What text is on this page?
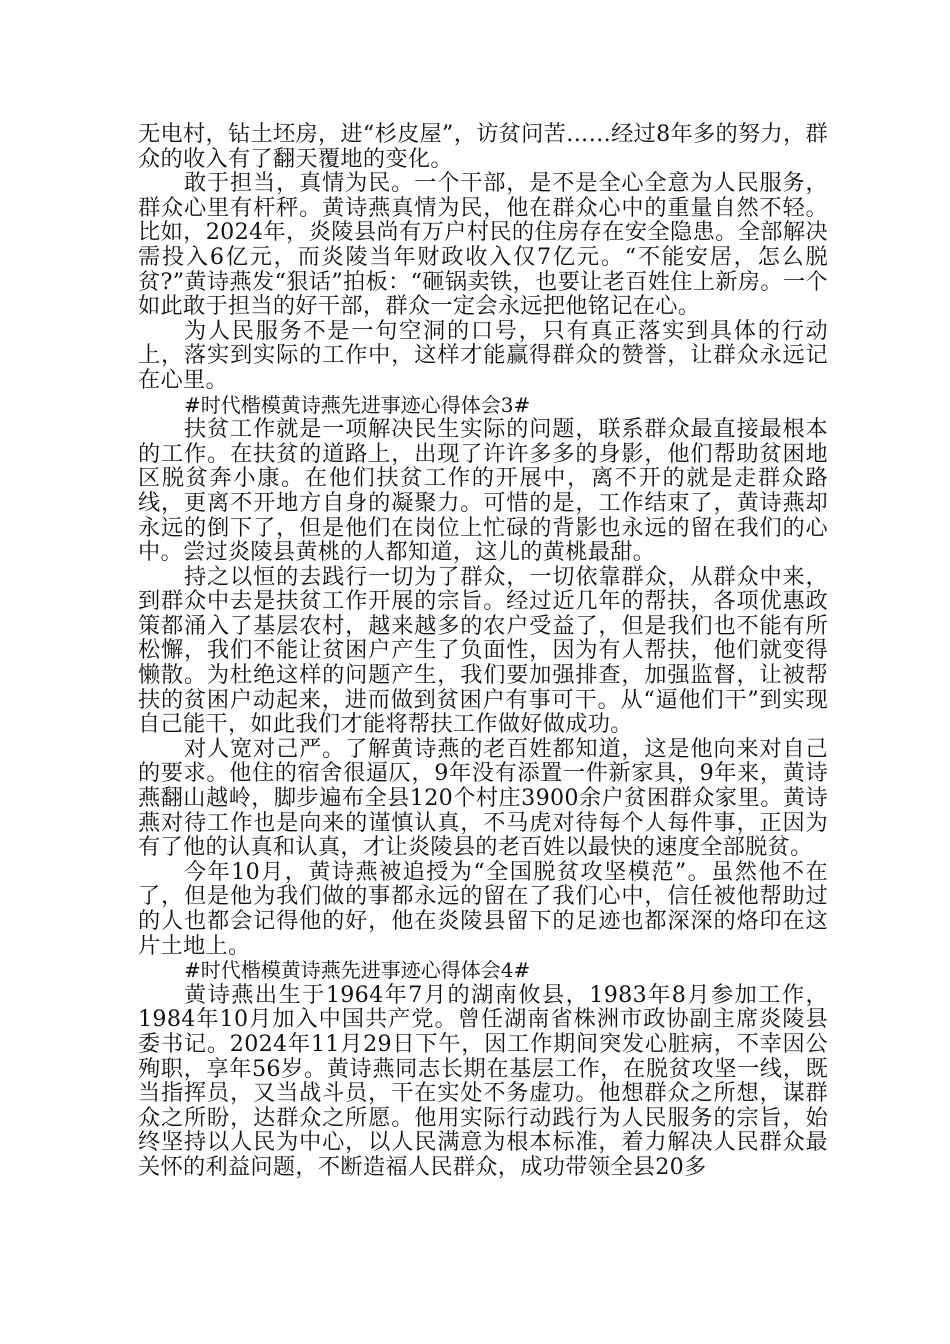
无电村，钻土坯房，进“杉皮屋”，访贫问苦……经过8年多的努力，群众的收入有了翻天覆地的变化。

敢于担当，真情为民。一个干部，是不是全心全意为人民服务，群众心里有杆秤。黄诗燕真情为民，他在群众心中的重量自然不轻。比如，2024年，炎陵县尚有万户村民的住房存在安全隐患。全部解决需投入6亿元，而炎陵当年财政收入仅7亿元。“不能安居，怎么脱贫?”黄诗燕发“狠话”拍板：“砸锅卖铁，也要让老百姓住上新房。一个如此敢于担当的好干部，群众一定会永远把他铭记在心。

为人民服务不是一句空洞的口号，只有真正落实到具体的行动上，落实到实际的工作中，这样才能赢得群众的赞誉，让群众永远记在心里。

#时代楷模黄诗燕先进事迹心得体会3#

扶贫工作就是一项解决民生实际的问题，联系群众最直接最根本的工作。在扶贫的道路上，出现了许许多多的身影，他们帮助贫困地区脱贫奔小康。在他们扶贫工作的开展中，离不开的就是走群众路线，更离不开地方自身的凝聚力。可惜的是，工作结束了，黄诗燕却永远的倒下了，但是他们在岗位上忙碌的背影也永远的留在我们的心中。尝过炎陵县黄桃的人都知道，这儿的黄桃最甜。

持之以恒的去践行一切为了群众，一切依靠群众，从群众中来，到群众中去是扶贫工作开展的宗旨。经过近几年的帮扶，各项优惠政策都涌入了基层农村，越来越多的农户受益了，但是我们也不能有所松懈，我们不能让贫困户产生了负面性，因为有人帮扶，他们就变得懒散。为杜绝这样的问题产生，我们要加强排查，加强监督，让被帮扶的贫困户动起来，进而做到贫困户有事可干。从“逼他们干”到实现自己能干，如此我们才能将帮扶工作做好做成功。

对人宽对己严。了解黄诗燕的老百姓都知道，这是他向来对自己的要求。他住的宿舍很逼仄，9年没有添置一件新家具，9年来，黄诗燕翻山越岭，脚步遍布全县120个村庄3900余户贫困群众家里。黄诗燕对待工作也是向来的谨慎认真，不马虎对待每个人每件事，正因为有了他的认真和认真，才让炎陵县的老百姓以最快的速度全部脱贫。

今年10月，黄诗燕被追授为“全国脱贫攻坚模范”。虽然他不在了，但是他为我们做的事都永远的留在了我们心中，信任被他帮助过的人也都会记得他的好，他在炎陵县留下的足迹也都深深的烙印在这片土地上。

#时代楷模黄诗燕先进事迹心得体会4#

黄诗燕出生于1964年7月的湖南攸县，1983年8月参加工作，1984年10月加入中国共产党。曾任湖南省株洲市政协副主席炎陵县委书记。2024年11月29日下午，因工作期间突发心脏病，不幸因公殉职，享年56岁。黄诗燕同志长期在基层工作，在脱贫攻坚一线，既当指挥员，又当战斗员，干在实处不务虚功。他想群众之所想，谋群众之所盼，达群众之所愿。他用实际行动践行为人民服务的宗旨，始终坚持以人民为中心，以人民满意为根本标准，着力解决人民群众最关怀的利益问题，不断造福人民群众，成功带领全县20多
